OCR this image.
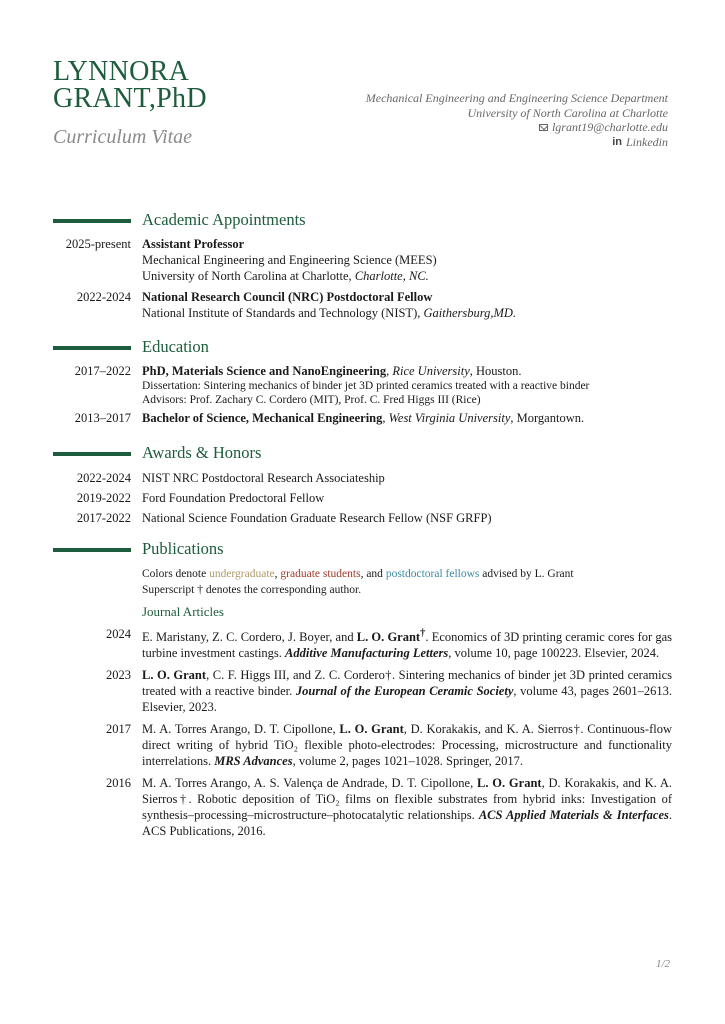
LYNNORA
GRANT,PhD
Curriculum Vitae
Mechanical Engineering and Engineering Science Department
University of North Carolina at Charlotte
lgrant19@charlotte.edu
in Linkedin
Academic Appointments
2025-present Assistant Professor
Mechanical Engineering and Engineering Science (MEES)
University of North Carolina at Charlotte, Charlotte, NC.
2022-2024 National Research Council (NRC) Postdoctoral Fellow
National Institute of Standards and Technology (NIST), Gaithersburg,MD.
Education
2017–2022 PhD, Materials Science and NanoEngineering, Rice University, Houston.
Dissertation: Sintering mechanics of binder jet 3D printed ceramics treated with a reactive binder
Advisors: Prof. Zachary C. Cordero (MIT), Prof. C. Fred Higgs III (Rice)
2013–2017 Bachelor of Science, Mechanical Engineering, West Virginia University, Morgantown.
Awards & Honors
2022-2024 NIST NRC Postdoctoral Research Associateship
2019-2022 Ford Foundation Predoctoral Fellow
2017-2022 National Science Foundation Graduate Research Fellow (NSF GRFP)
Publications
Colors denote undergraduate, graduate students, and postdoctoral fellows advised by L. Grant
Superscript † denotes the corresponding author.
Journal Articles
2024 E. Maristany, Z. C. Cordero, J. Boyer, and L. O. Grant†. Economics of 3D printing ceramic cores for gas turbine investment castings. Additive Manufacturing Letters, volume 10, page 100223. Elsevier, 2024.
2023 L. O. Grant, C. F. Higgs III, and Z. C. Cordero†. Sintering mechanics of binder jet 3D printed ceramics treated with a reactive binder. Journal of the European Ceramic Society, volume 43, pages 2601–2613. Elsevier, 2023.
2017 M. A. Torres Arango, D. T. Cipollone, L. O. Grant, D. Korakakis, and K. A. Sierros†. Continuous-flow direct writing of hybrid TiO₂ flexible photo-electrodes: Processing, microstructure and functionality interrelations. MRS Advances, volume 2, pages 1021–1028. Springer, 2017.
2016 M. A. Torres Arango, A. S. Valença de Andrade, D. T. Cipollone, L. O. Grant, D. Korakakis, and K. A. Sierros†. Robotic deposition of TiO₂ films on flexible substrates from hybrid inks: Investigation of synthesis–processing–microstructure–photocatalytic relationships. ACS Applied Materials & Interfaces. ACS Publications, 2016.
1/2
